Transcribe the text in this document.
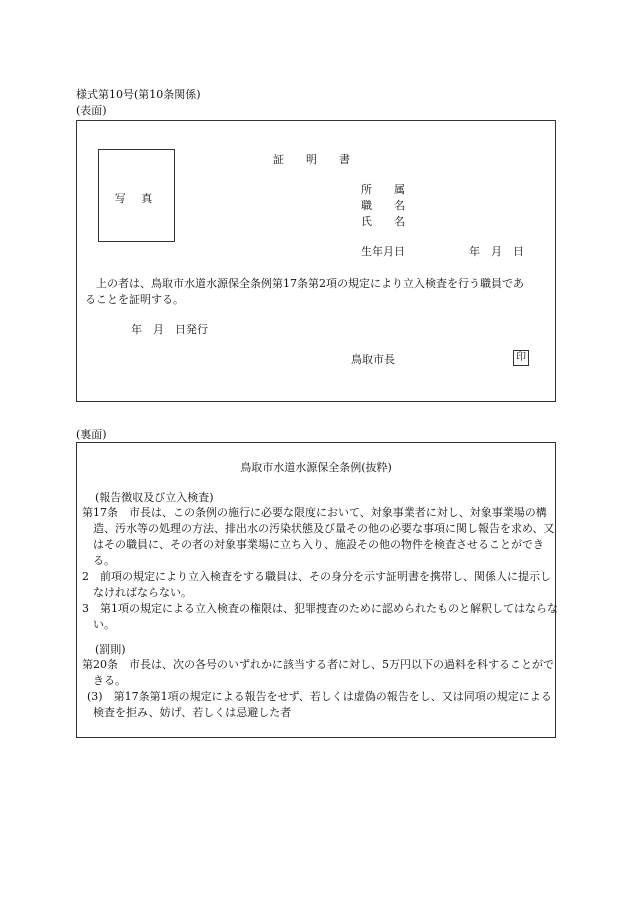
様式第10号(第10条関係)
(表面)
写 真
証　　明　　書
所　　属
職　　名
氏　　名
生年月日	年　月　日
　上の者は、鳥取市水道水源保全条例第17条第2項の規定により立入検査を行う職員であ
ることを証明する。
年　月　日発行
鳥取市長	印
(裏面)
鳥取市水道水源保全条例(抜粋)
(報告徴収及び立入検査)
第17条　市長は、この条例の施行に必要な限度において、対象事業者に対し、対象事業場の構造、汚水等の処理の方法、排出水の汚染状態及び量その他の必要な事項に関し報告を求め、又はその職員に、その者の対象事業場に立ち入り、施設その他の物件を検査させることができる。
2　前項の規定により立入検査をする職員は、その身分を示す証明書を携帯し、関係人に提示しなければならない。
3　第1項の規定による立入検査の権限は、犯罪捜査のために認められたものと解釈してはならない。
(罰則)
第20条　市長は、次の各号のいずれかに該当する者に対し、5万円以下の過料を科することができる。
(3)　第17条第1項の規定による報告をせず、若しくは虚偽の報告をし、又は同項の規定による検査を拒み、妨げ、若しくは忌避した者
